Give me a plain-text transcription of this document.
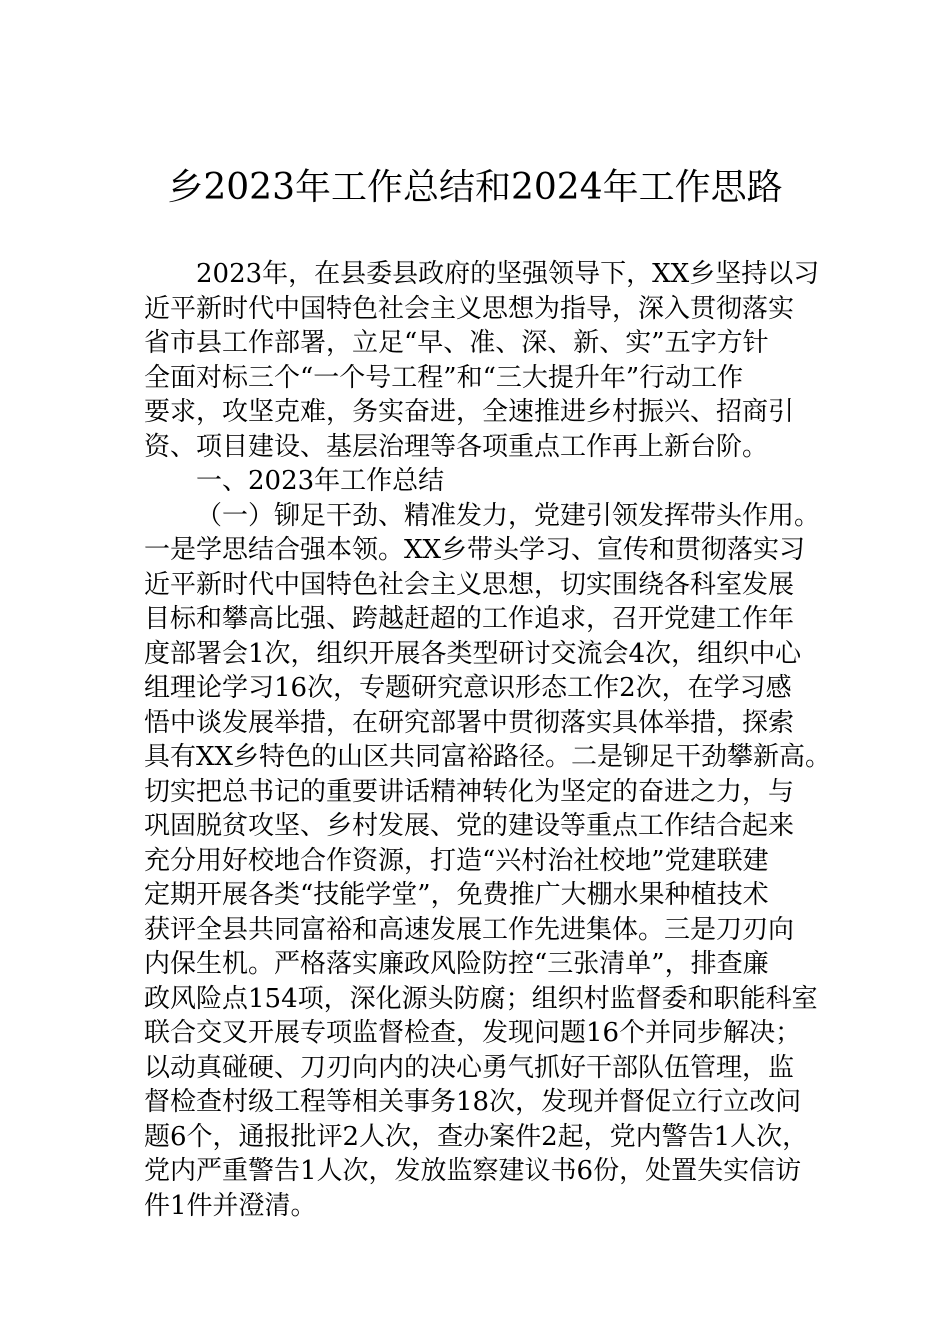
乡2023年工作总结和2024年工作思路
2023年，在县委县政府的坚强领导下，XX乡坚持以习
近平新时代中国特色社会主义思想为指导，深入贯彻落实
省市县工作部署，立足“早、准、深、新、实”五字方针
全面对标三个“一个号工程”和“三大提升年”行动工作
要求，攻坚克难，务实奋进，全速推进乡村振兴、招商引
资、项目建设、基层治理等各项重点工作再上新台阶。
一、2023年工作总结
（一）铆足干劲、精准发力，党建引领发挥带头作用。
一是学思结合强本领。XX乡带头学习、宣传和贯彻落实习
近平新时代中国特色社会主义思想，切实围绕各科室发展
目标和攀高比强、跨越赶超的工作追求，召开党建工作年
度部署会1次，组织开展各类型研讨交流会4次，组织中心
组理论学习16次，专题研究意识形态工作2次，在学习感
悟中谈发展举措，在研究部署中贯彻落实具体举措，探索
具有XX乡特色的山区共同富裕路径。二是铆足干劲攀新高。
切实把总书记的重要讲话精神转化为坚定的奋进之力，与
巩固脱贫攻坚、乡村发展、党的建设等重点工作结合起来
充分用好校地合作资源，打造“兴村治社校地”党建联建
定期开展各类“技能学堂”，免费推广大棚水果种植技术
获评全县共同富裕和高速发展工作先进集体。三是刀刃向
内保生机。严格落实廉政风险防控“三张清单”，排查廉
政风险点154项，深化源头防腐；组织村监督委和职能科室
联合交叉开展专项监督检查，发现问题16个并同步解决；
以动真碰硬、刀刃向内的决心勇气抓好干部队伍管理，监
督检查村级工程等相关事务18次，发现并督促立行立改问
题6个，通报批评2人次，查办案件2起，党内警告1人次，
党内严重警告1人次，发放监察建议书6份，处置失实信访
件1件并澄清。
